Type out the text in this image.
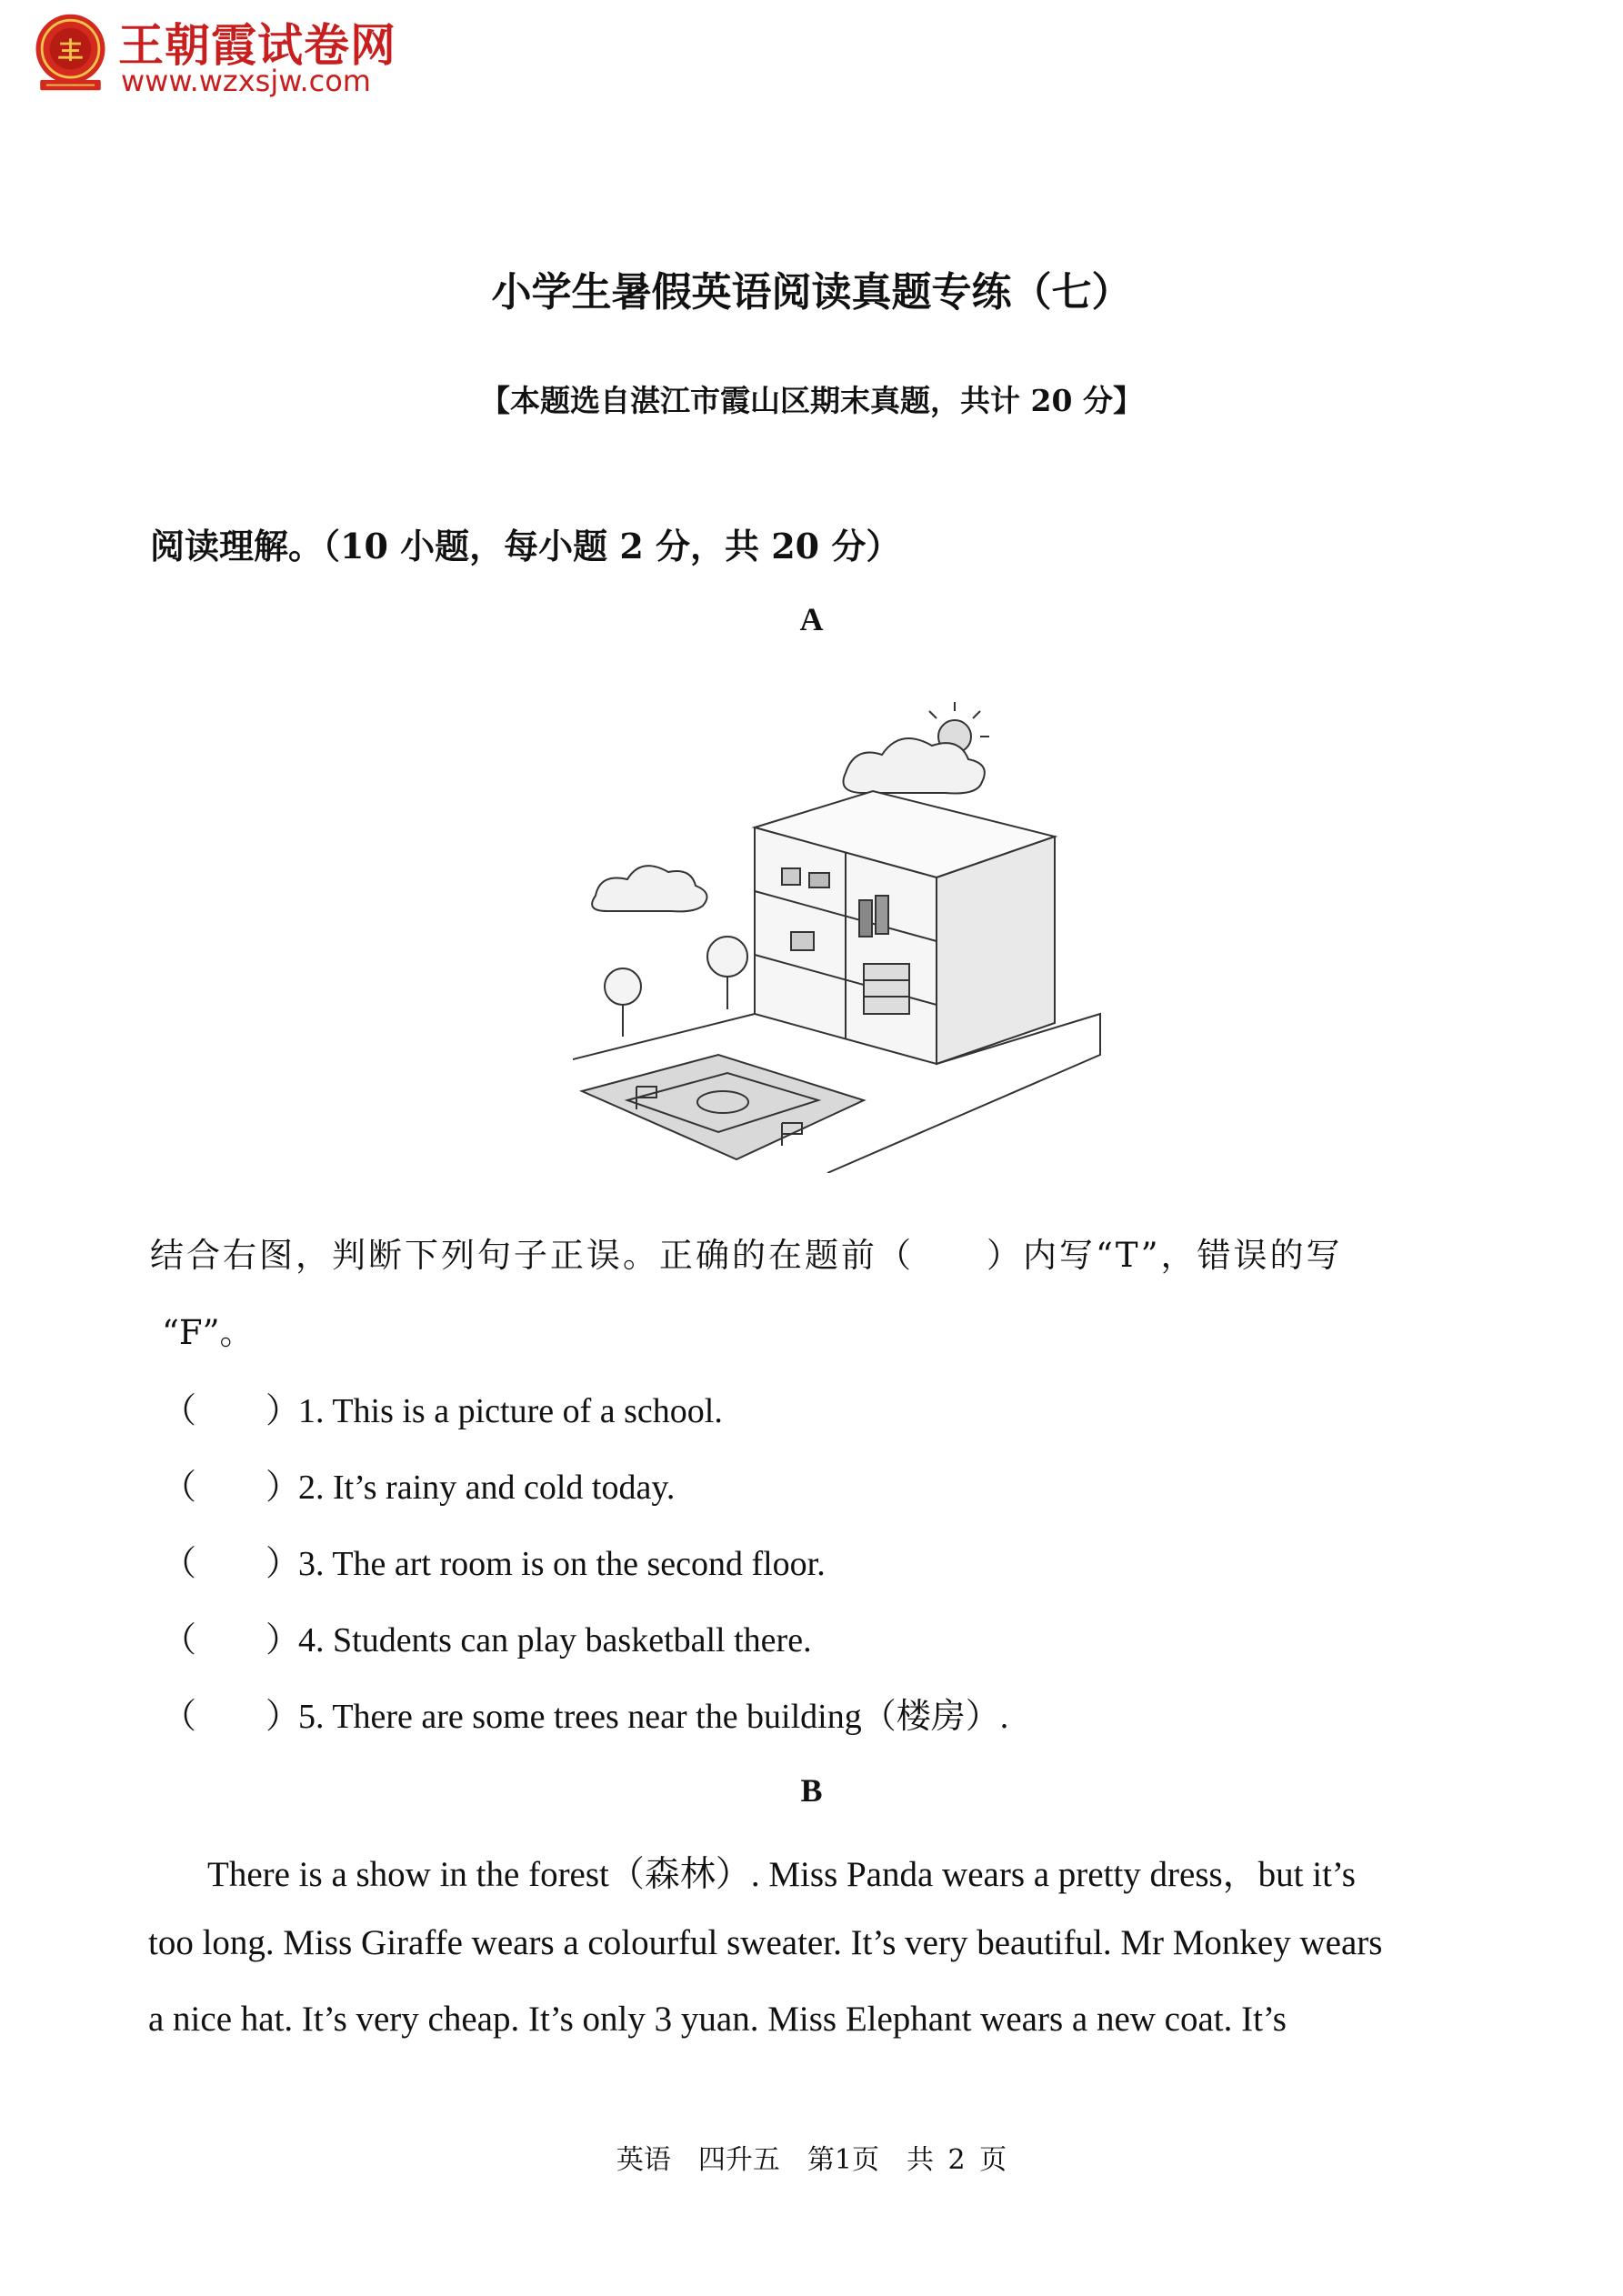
王朝霞试卷网
www.wzxsjw.com
小学生暑假英语阅读真题专练（七）
【本题选自湛江市霞山区期末真题，共计 20 分】
阅读理解。（10 小题，每小题 2 分，共 20 分）
A
结合右图，判断下列句子正误。正确的在题前（　　）内写“T”，错误的写
“F”。
（　　）1. This is a picture of a school.
（　　）2. It’s rainy and cold today.
（　　）3. The art room is on the second floor.
（　　）4. Students can play basketball there.
（　　）5. There are some trees near the building（楼房）.
B
There is a show in the forest（森林）. Miss Panda wears a pretty dress，but it’s
too long. Miss Giraffe wears a colourful sweater. It’s very beautiful. Mr Monkey wears
a nice hat. It’s very cheap. It’s only 3 yuan. Miss Elephant wears a new coat. It’s
英语　四升五　第1页　共 2 页
